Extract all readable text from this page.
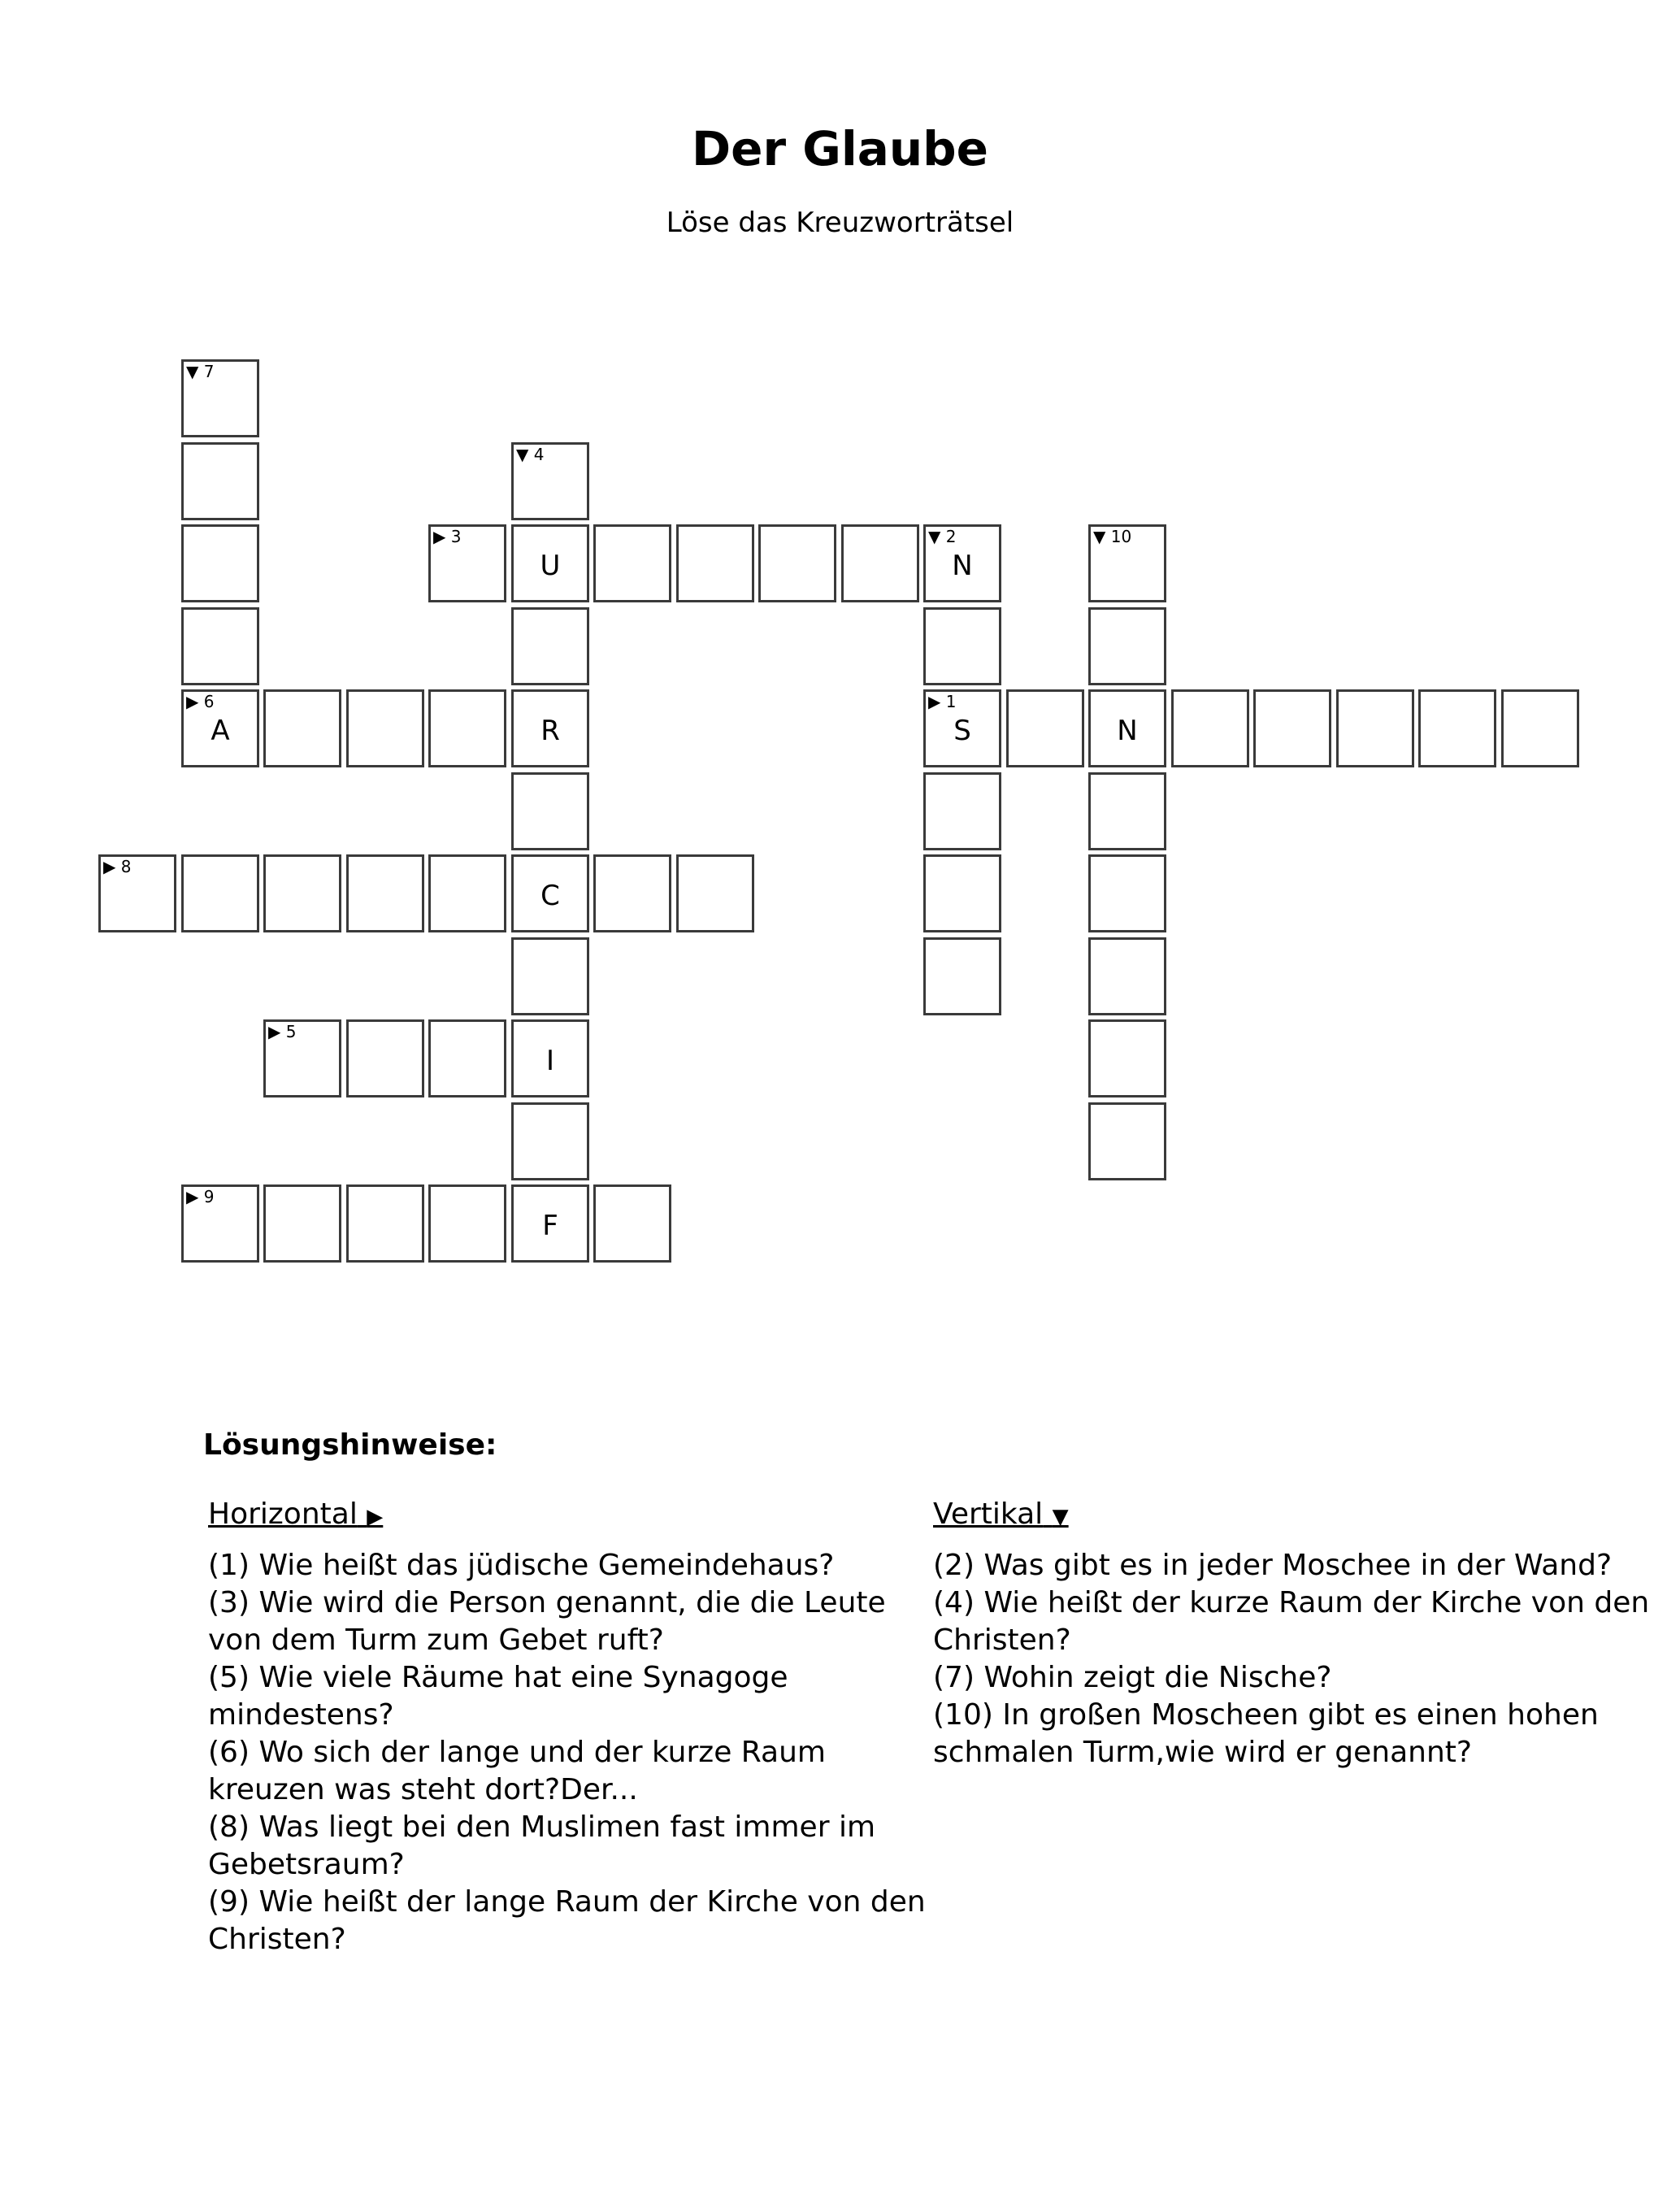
Der Glaube
Löse das Kreuzworträtsel
▼ 7
▶ 6
A	R
▼ 4
▶ 3
U
▼ 2
N
▼ 10
▶ 1
S	N
▶ 8
C
▶ 5
I
▶ 9
F
Lösungshinweise:
Horizontal ▶

(1) Wie heißt das jüdische Gemeindehaus?

(3) Wie wird die Person genannt, die die Leute von dem Turm zum Gebet ruft?

(5) Wie viele Räume hat eine Synagoge mindestens?

(6) Wo sich der lange und der kurze Raum kreuzen was steht dort?Der...

(8) Was liegt bei den Muslimen fast immer im Gebetsraum?

(9) Wie heißt der lange Raum der Kirche von den Christen?

Vertikal ▼

(2) Was gibt es in jeder Moschee in der Wand?

(4) Wie heißt der kurze Raum der Kirche von den Christen?

(7) Wohin zeigt die Nische?

(10) In großen Moscheen gibt es einen hohen schmalen Turm,wie wird er genannt?
